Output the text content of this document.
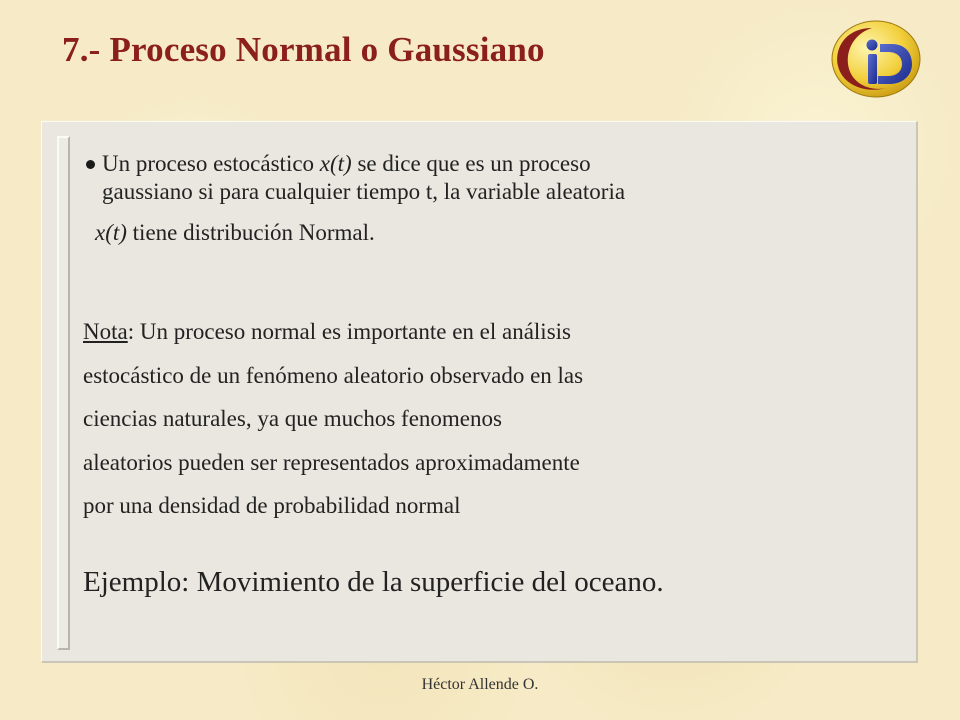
7.- Proceso Normal o Gaussiano
Un proceso estocástico x(t) se dice que es un proceso
gaussiano si para cualquier tiempo t, la variable aleatoria
x(t) tiene distribución Normal.
Nota: Un proceso normal es importante en el análisis
estocástico de un fenómeno aleatorio observado en las
ciencias naturales, ya que muchos fenomenos
aleatorios pueden ser representados aproximadamente
por una densidad de probabilidad normal
Ejemplo: Movimiento de la superficie del oceano.
Héctor Allende O.
